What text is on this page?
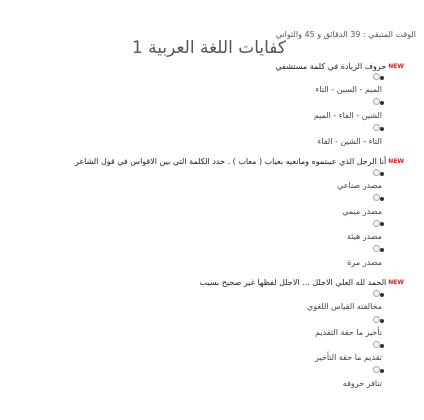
الوقت المتبقي : 39 الدقائق و 45 والثواني
كفايات اللغة العربية 1
NEWحروف الزيادة في كلمة مستشفي
الميم - السين - التاء
الشين - الفاء - الميم
التاء - الشين - الفاء
NEWأنا الرجل الذي عيبتموه ومانعيه بعياب ( معاب ) . حدد الكلمة التي بين الاقواس في قول الشاعر
مصدر صناعي
مصدر ميمي
مصدر هيئة
مصدر مرة
NEWالحمد لله العلي الاجلل ... الاجلل لفظها غير صحيح بسبب
مخالفته القياس اللغوي
تأخير ما حقة التقديم
تقديم ما حقة التأخير
تنافر حروفه
